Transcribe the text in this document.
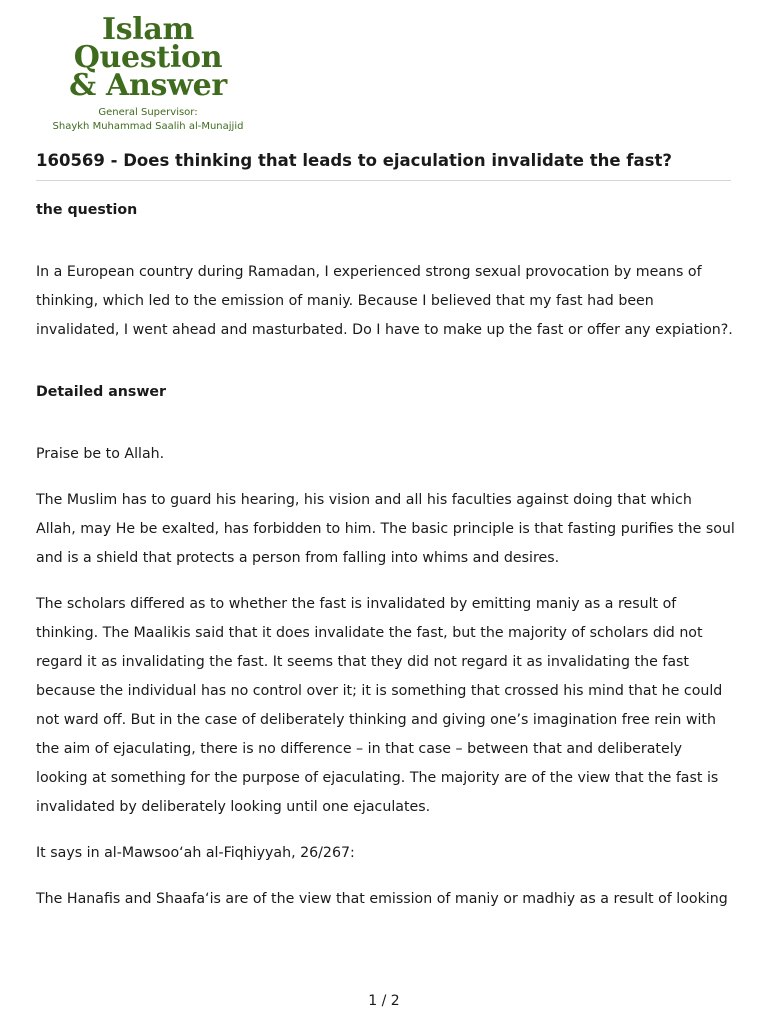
Islam Question
& Answer
General Supervisor:
Shaykh Muhammad Saalih al-Munajjid
160569 - Does thinking that leads to ejaculation invalidate the fast?

the question

In a European country during Ramadan, I experienced strong sexual provocation by means of thinking, which led to the emission of maniy. Because I believed that my fast had been invalidated, I went ahead and masturbated. Do I have to make up the fast or offer any expiation?.

Detailed answer

Praise be to Allah.

The Muslim has to guard his hearing, his vision and all his faculties against doing that which Allah, may He be exalted, has forbidden to him. The basic principle is that fasting purifies the soul and is a shield that protects a person from falling into whims and desires.

The scholars differed as to whether the fast is invalidated by emitting maniy as a result of thinking. The Maalikis said that it does invalidate the fast, but the majority of scholars did not regard it as invalidating the fast. It seems that they did not regard it as invalidating the fast because the individual has no control over it; it is something that crossed his mind that he could not ward off. But in the case of deliberately thinking and giving one’s imagination free rein with the aim of ejaculating, there is no difference – in that case – between that and deliberately looking at something for the purpose of ejaculating. The majority are of the view that the fast is invalidated by deliberately looking until one ejaculates.

It says in al-Mawsoo‘ah al-Fiqhiyyah, 26/267:

The Hanafis and Shaafa‘is are of the view that emission of maniy or madhiy as a result of looking

1 / 2
